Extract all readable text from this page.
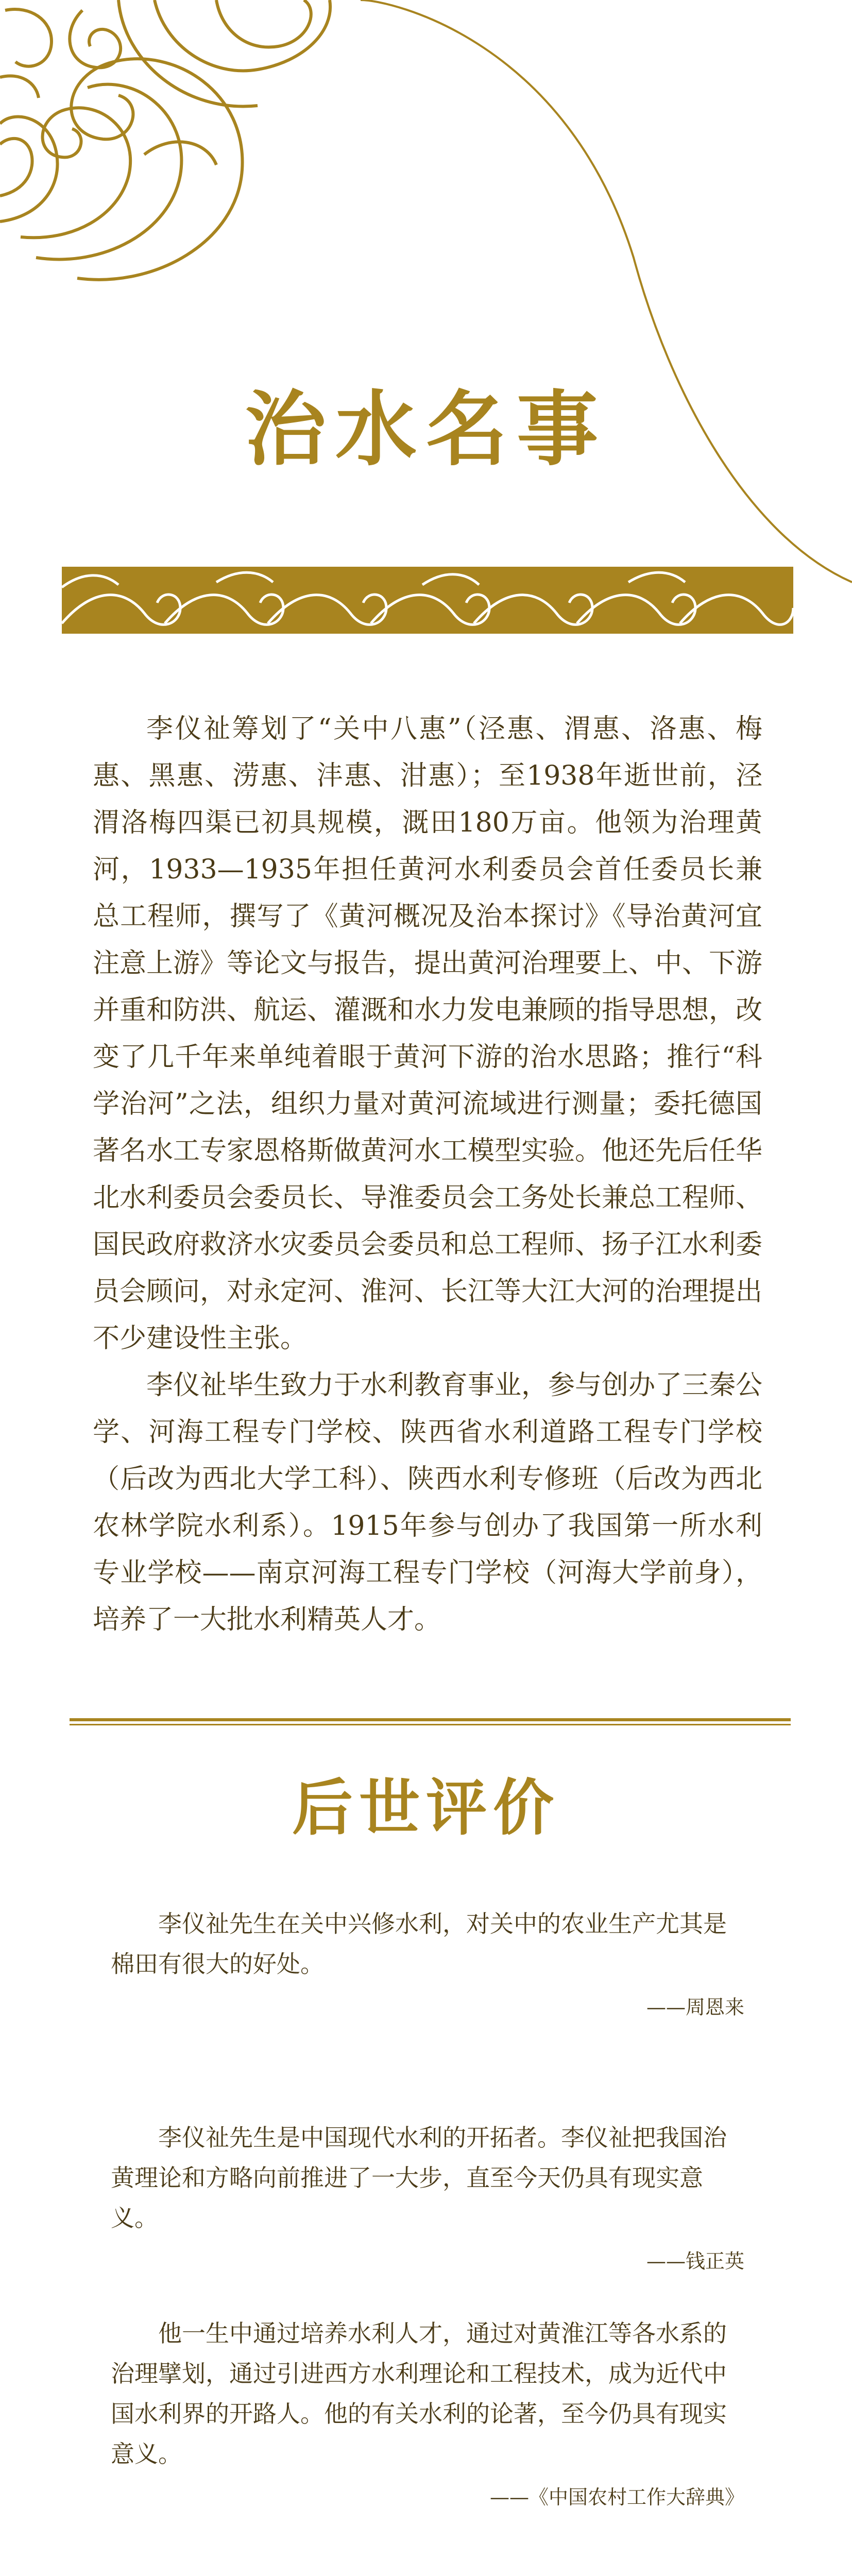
治水名事

李仪祉筹划了“关中八惠”（泾惠、渭惠、洛惠、梅惠、黑惠、涝惠、沣惠、泔惠）；至1938年逝世前，泾渭洛梅四渠已初具规模，溉田180万亩。他领为治理黄河，1933—1935年担任黄河水利委员会首任委员长兼总工程师，撰写了《黄河概况及治本探讨》《导治黄河宜注意上游》等论文与报告，提出黄河治理要上、中、下游并重和防洪、航运、灌溉和水力发电兼顾的指导思想，改变了几千年来单纯着眼于黄河下游的治水思路；推行“科学治河”之法，组织力量对黄河流域进行测量；委托德国著名水工专家恩格斯做黄河水工模型实验。他还先后任华北水利委员会委员长、导淮委员会工务处长兼总工程师、国民政府救济水灾委员会委员和总工程师、扬子江水利委员会顾问，对永定河、淮河、长江等大江大河的治理提出不少建设性主张。

李仪祉毕生致力于水利教育事业，参与创办了三秦公学、河海工程专门学校、陕西省水利道路工程专门学校（后改为西北大学工科）、陕西水利专修班（后改为西北农林学院水利系）。1915年参与创办了我国第一所水利专业学校——南京河海工程专门学校（河海大学前身），培养了一大批水利精英人才。

后世评价

李仪祉先生在关中兴修水利，对关中的农业生产尤其是棉田有很大的好处。

——周恩来

李仪祉先生是中国现代水利的开拓者。李仪祉把我国治黄理论和方略向前推进了一大步，直至今天仍具有现实意义。

——钱正英

他一生中通过培养水利人才，通过对黄淮江等各水系的治理擘划，通过引进西方水利理论和工程技术，成为近代中国水利界的开路人。他的有关水利的论著，至今仍具有现实意义。

——《中国农村工作大辞典》
